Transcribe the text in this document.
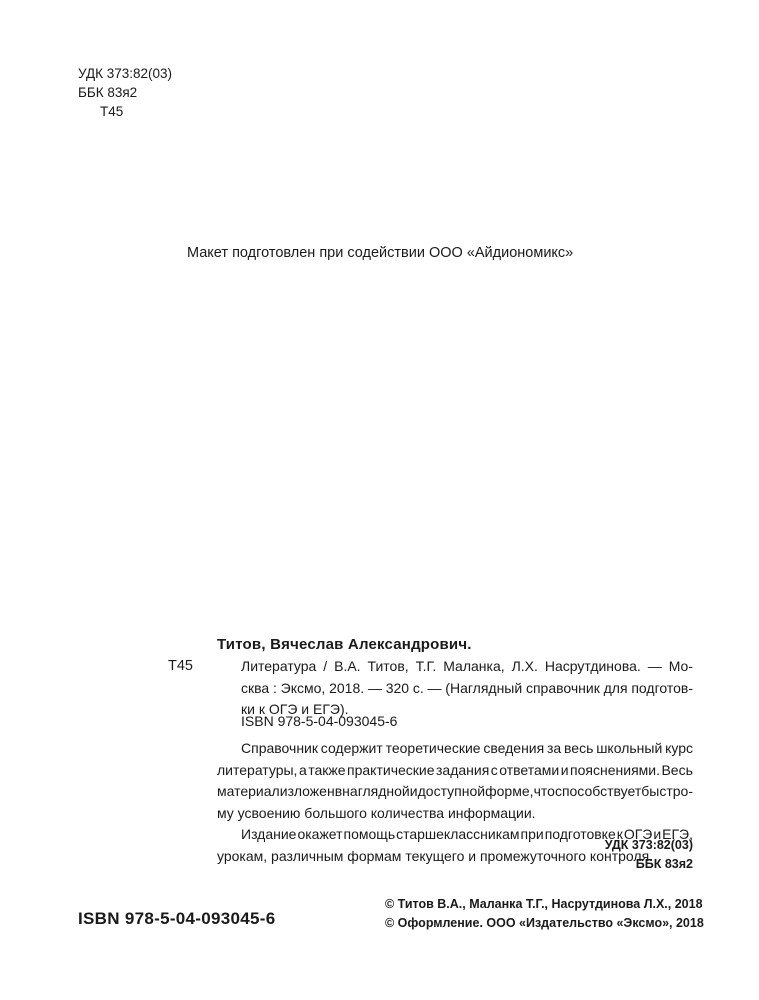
УДК 373:82(03)
ББК 83я2
Т45
Макет подготовлен при содействии ООО «Айдиономикс»
Титов, Вячеслав Александрович.
Т45	Литература / В.А. Титов, Т.Г. Маланка, Л.Х. Насрутдинова. — Мо-
сква : Эксмо, 2018. — 320 с. — (Наглядный справочник для подготов-
ки к ОГЭ и ЕГЭ).
ISBN 978-5-04-093045-6
Справочник содержит теоретические сведения за весь школьный курс
литературы, а также практические задания с ответами и пояснениями. Весь
материал изложен в наглядной и доступной форме, что способствует быстро-
му усвоению большого количества информации.
Издание окажет помощь старшеклассникам при подготовке к ОГЭ и ЕГЭ,
урокам, различным формам текущего и промежуточного контроля.
УДК 373:82(03)
ББК 83я2
ISBN 978-5-04-093045-6
© Титов В.А., Маланка Т.Г., Насрутдинова Л.Х., 2018
© Оформление. ООО «Издательство «Эксмо», 2018
